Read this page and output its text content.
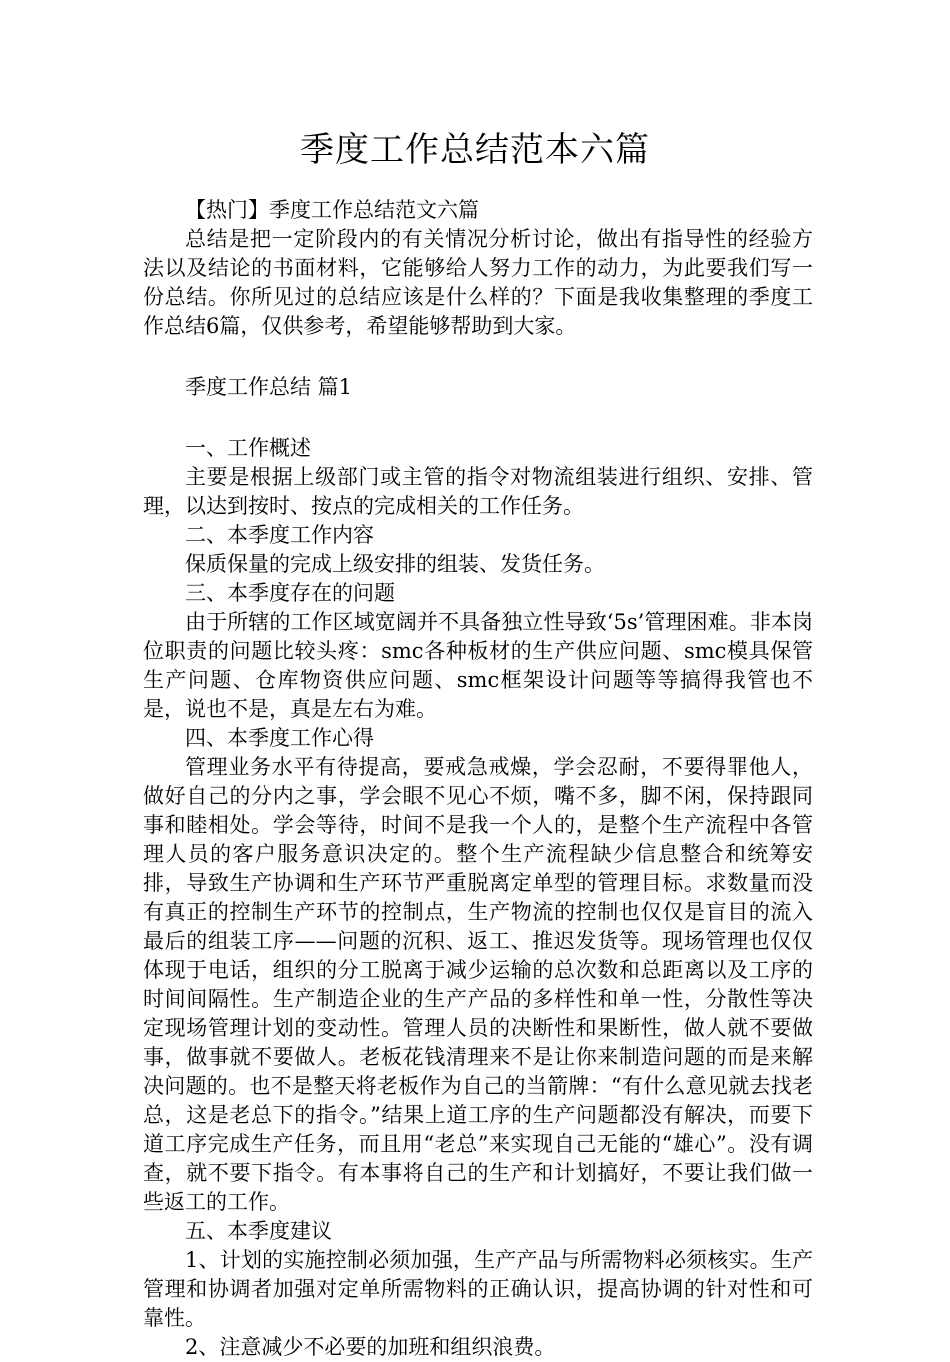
季度工作总结范本六篇

【热门】季度工作总结范文六篇

总结是把一定阶段内的有关情况分析讨论，做出有指导性的经验方法以及结论的书面材料，它能够给人努力工作的动力，为此要我们写一份总结。你所见过的总结应该是什么样的？下面是我收集整理的季度工作总结6篇，仅供参考，希望能够帮助到大家。

季度工作总结 篇1

一、工作概述

主要是根据上级部门或主管的指令对物流组装进行组织、安排、管理，以达到按时、按点的完成相关的工作任务。

二、本季度工作内容

保质保量的完成上级安排的组装、发货任务。

三、本季度存在的问题

由于所辖的工作区域宽阔并不具备独立性导致‘5s’管理困难。非本岗位职责的问题比较头疼：smc各种板材的生产供应问题、smc模具保管生产问题、仓库物资供应问题、smc框架设计问题等等搞得我管也不是，说也不是，真是左右为难。

四、本季度工作心得

管理业务水平有待提高，要戒急戒燥，学会忍耐，不要得罪他人，做好自己的分内之事，学会眼不见心不烦，嘴不多，脚不闲，保持跟同事和睦相处。学会等待，时间不是我一个人的，是整个生产流程中各管理人员的客户服务意识决定的。整个生产流程缺少信息整合和统筹安排，导致生产协调和生产环节严重脱离定单型的管理目标。求数量而没有真正的控制生产环节的控制点，生产物流的控制也仅仅是盲目的流入最后的组装工序——问题的沉积、返工、推迟发货等。现场管理也仅仅体现于电话，组织的分工脱离于减少运输的总次数和总距离以及工序的时间间隔性。生产制造企业的生产产品的多样性和单一性，分散性等决定现场管理计划的变动性。管理人员的决断性和果断性，做人就不要做事，做事就不要做人。老板花钱清理来不是让你来制造问题的而是来解决问题的。也不是整天将老板作为自己的当箭牌：“有什么意见就去找老总，这是老总下的指令。”结果上道工序的生产问题都没有解决，而要下道工序完成生产任务，而且用“老总”来实现自己无能的“雄心”。没有调查，就不要下指令。有本事将自己的生产和计划搞好，不要让我们做一些返工的工作。

五、本季度建议

1、计划的实施控制必须加强，生产产品与所需物料必须核实。生产管理和协调者加强对定单所需物料的正确认识，提高协调的针对性和可靠性。

2、注意减少不必要的加班和组织浪费。
